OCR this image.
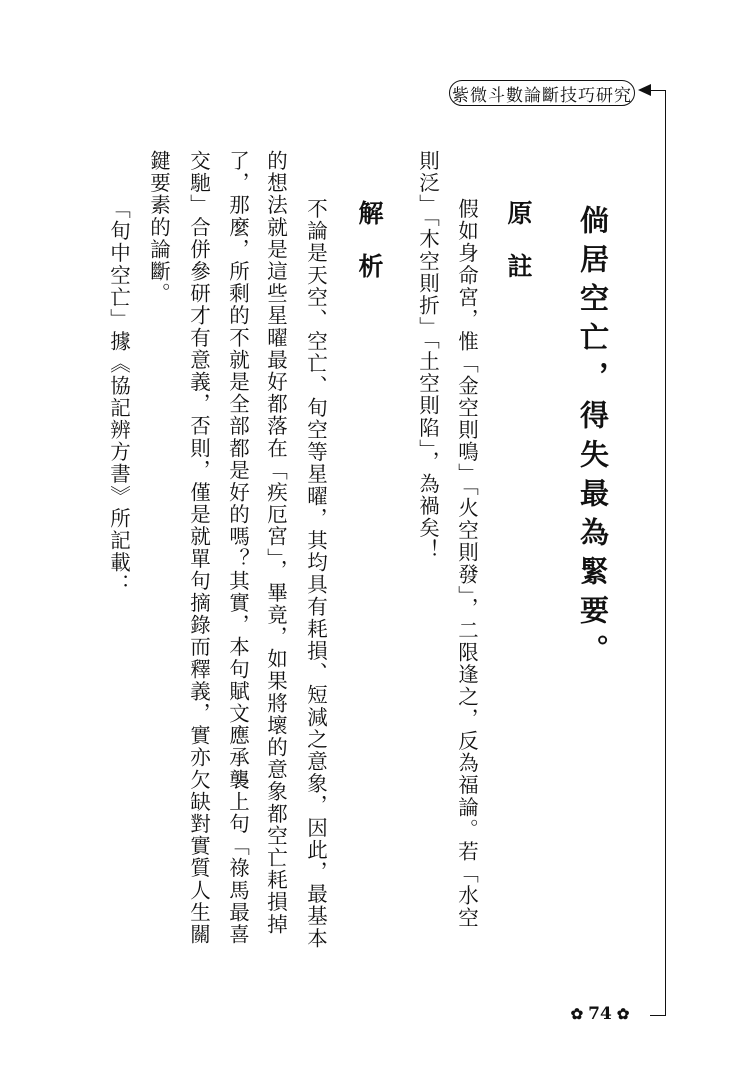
紫微斗數論斷技巧研究
倘居空亡，得失最為緊要。
原註
假如身命宮，惟「金空則鳴」「火空則發」，二限逢之，反為福論。若「水空
則泛」「木空則折」「土空則陷」，為禍矣！
解析
不論是天空、空亡、旬空等星曜，其均具有耗損、短減之意象，因此，最基本
的想法就是這些星曜最好都落在「疾厄宮」，畢竟，如果將壞的意象都空亡耗損掉
了，那麼，所剩的不就是全部都是好的嗎？其實，本句賦文應承襲上句「祿馬最喜
交馳」合併參研才有意義，否則，僅是就單句摘錄而釋義，實亦欠缺對實質人生關
鍵要素的論斷。
「旬中空亡」據《協記辨方書》所記載：
✿ 74 ✿
